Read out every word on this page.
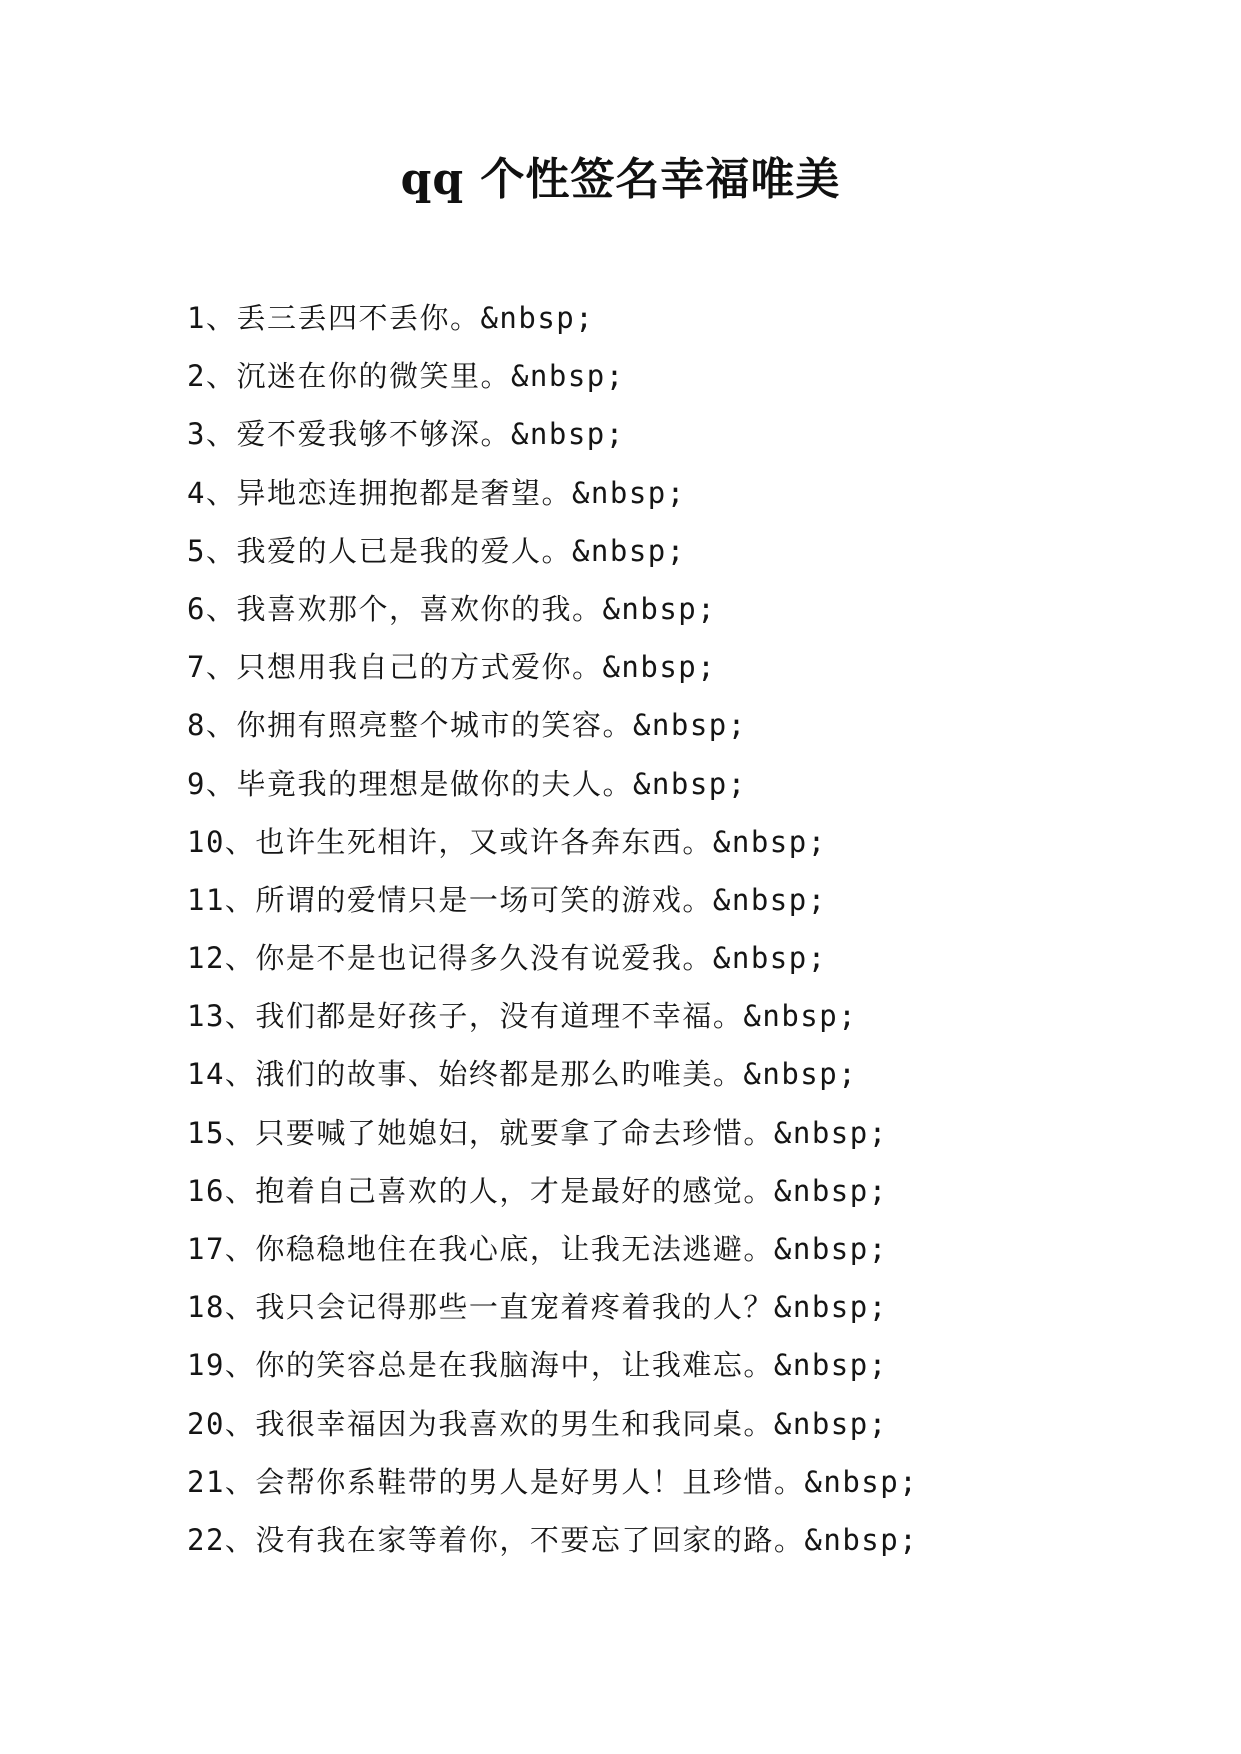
qq 个性签名幸福唯美
1、丢三丢四不丢你。&nbsp;
2、沉迷在你的微笑里。&nbsp;
3、爱不爱我够不够深。&nbsp;
4、异地恋连拥抱都是奢望。&nbsp;
5、我爱的人已是我的爱人。&nbsp;
6、我喜欢那个，喜欢你的我。&nbsp;
7、只想用我自己的方式爱你。&nbsp;
8、你拥有照亮整个城市的笑容。&nbsp;
9、毕竟我的理想是做你的夫人。&nbsp;
10、也许生死相许，又或许各奔东西。&nbsp;
11、所谓的爱情只是一场可笑的游戏。&nbsp;
12、你是不是也记得多久没有说爱我。&nbsp;
13、我们都是好孩子，没有道理不幸福。&nbsp;
14、涐们的故事、始终都是那么旳唯美。&nbsp;
15、只要喊了她媳妇，就要拿了命去珍惜。&nbsp;
16、抱着自己喜欢的人，才是最好的感觉。&nbsp;
17、你稳稳地住在我心底，让我无法逃避。&nbsp;
18、我只会记得那些一直宠着疼着我的人？&nbsp;
19、你的笑容总是在我脑海中，让我难忘。&nbsp;
20、我很幸福因为我喜欢的男生和我同桌。&nbsp;
21、会帮你系鞋带的男人是好男人！且珍惜。&nbsp;
22、没有我在家等着你，不要忘了回家的路。&nbsp;
